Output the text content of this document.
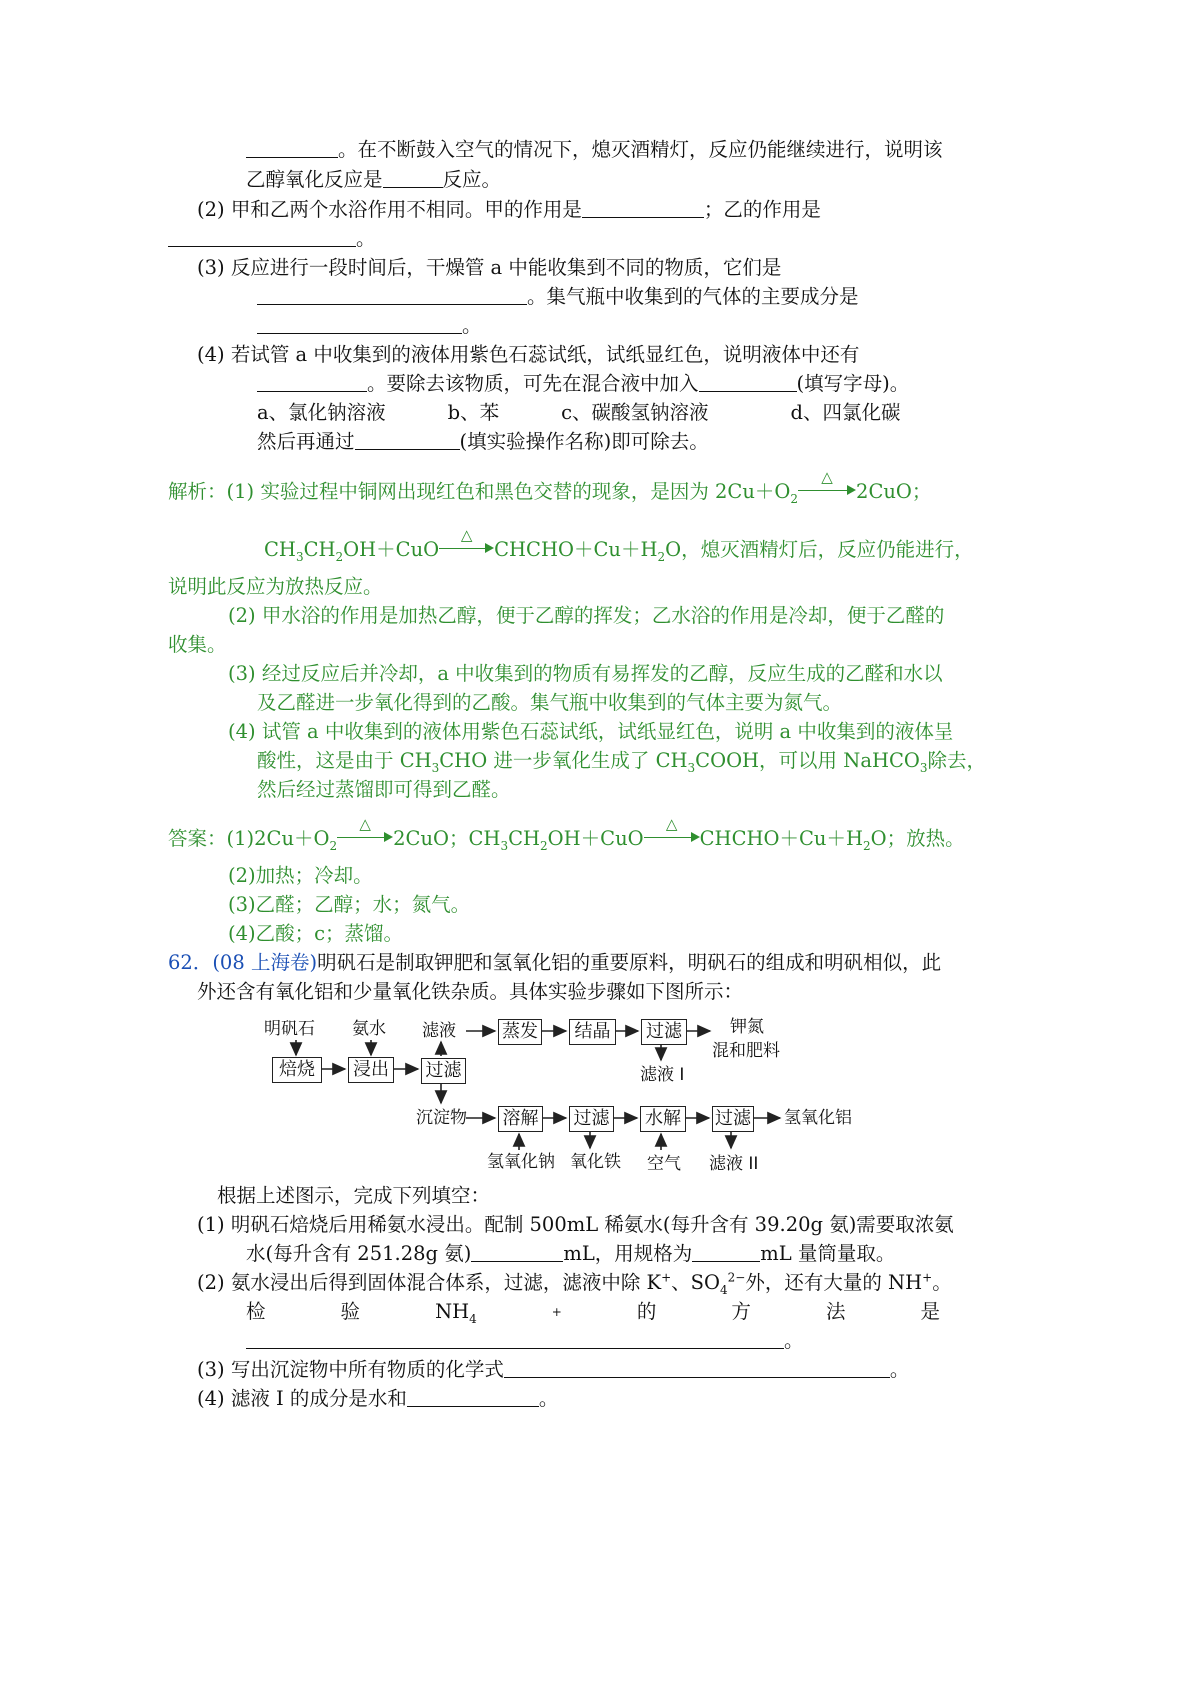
。在不断鼓入空气的情况下，熄灭酒精灯，反应仍能继续进行，说明该
乙醇氧化反应是	反应。
(2) 甲和乙两个水浴作用不相同。甲的作用是	；乙的作用是
。
(3) 反应进行一段时间后，干燥管 a 中能收集到不同的物质，它们是
。集气瓶中收集到的气体的主要成分是
。
(4) 若试管 a 中收集到的液体用紫色石蕊试纸，试纸显红色，说明液体中还有
。要除去该物质，可先在混合液中加入	(填写字母)。
a、氯化钠溶液	b、苯	c、碳酸氢钠溶液	d、四氯化碳
然后再通过	(填实验操作名称)即可除去。
解析：(1) 实验过程中铜网出现红色和黑色交替的现象，是因为 $2Cu+O_2$
△
2CuO；
$CH_3CH_2OH+CuO$
△
$CHCHO+Cu+H_2O$，熄灭酒精灯后，反应仍能进行，
说明此反应为放热反应。
(2) 甲水浴的作用是加热乙醇，便于乙醇的挥发；乙水浴的作用是冷却，便于乙醛的
收集。
(3) 经过反应后并冷却，a 中收集到的物质有易挥发的乙醇，反应生成的乙醛和水以
及乙醛进一步氧化得到的乙酸。集气瓶中收集到的气体主要为氮气。
(4) 试管 a 中收集到的液体用紫色石蕊试纸，试纸显红色，说明 a 中收集到的液体呈
酸性，这是由于 $CH_3CHO$ 进一步氧化生成了 $CH_3COOH$，可以用 NaHCO$_3$除去，
然后经过蒸馏即可得到乙醛。
答案：$(1)2Cu+O_2$
△
2CuO；$CH_3CH_2OH+CuO$
△
$CHCHO+Cu+H_2O$；放热。
(2)加热；冷却。
(3)乙醛；乙醇；水；氮气。
(4)乙酸；c；蒸馏。
62．(08 上海卷)明矾石是制取钾肥和氢氧化铝的重要原料，明矾石的组成和明矾相似，此
外还含有氧化铝和少量氧化铁杂质。具体实验步骤如下图所示：
明矾石 氨水 滤液	蒸发	结晶	过滤	钾氮
混和肥料
焙烧	浸出 过滤	滤液 I
沉淀物 溶解 过滤 水解 过滤 氢氧化铝
氢氧化钠 氧化铁 空气 滤液 II
根据上述图示，完成下列填空：
(1) 明矾石焙烧后用稀氨水浸出。配制 500mL 稀氨水(每升含有 39.20g 氨)需要取浓氨
水(每升含有 251.28g 氨)	mL，用规格为	mL 量筒量取。
(2) 氨水浸出后得到固体混合体系，过滤，滤液中除 K+、$SO_4^{2-}$外，还有大量的 NH+。
检	验	$NH_4$	+	的	方	法	是
。
(3) 写出沉淀物中所有物质的化学式	。
(4) 滤液 I 的成分是水和	。
